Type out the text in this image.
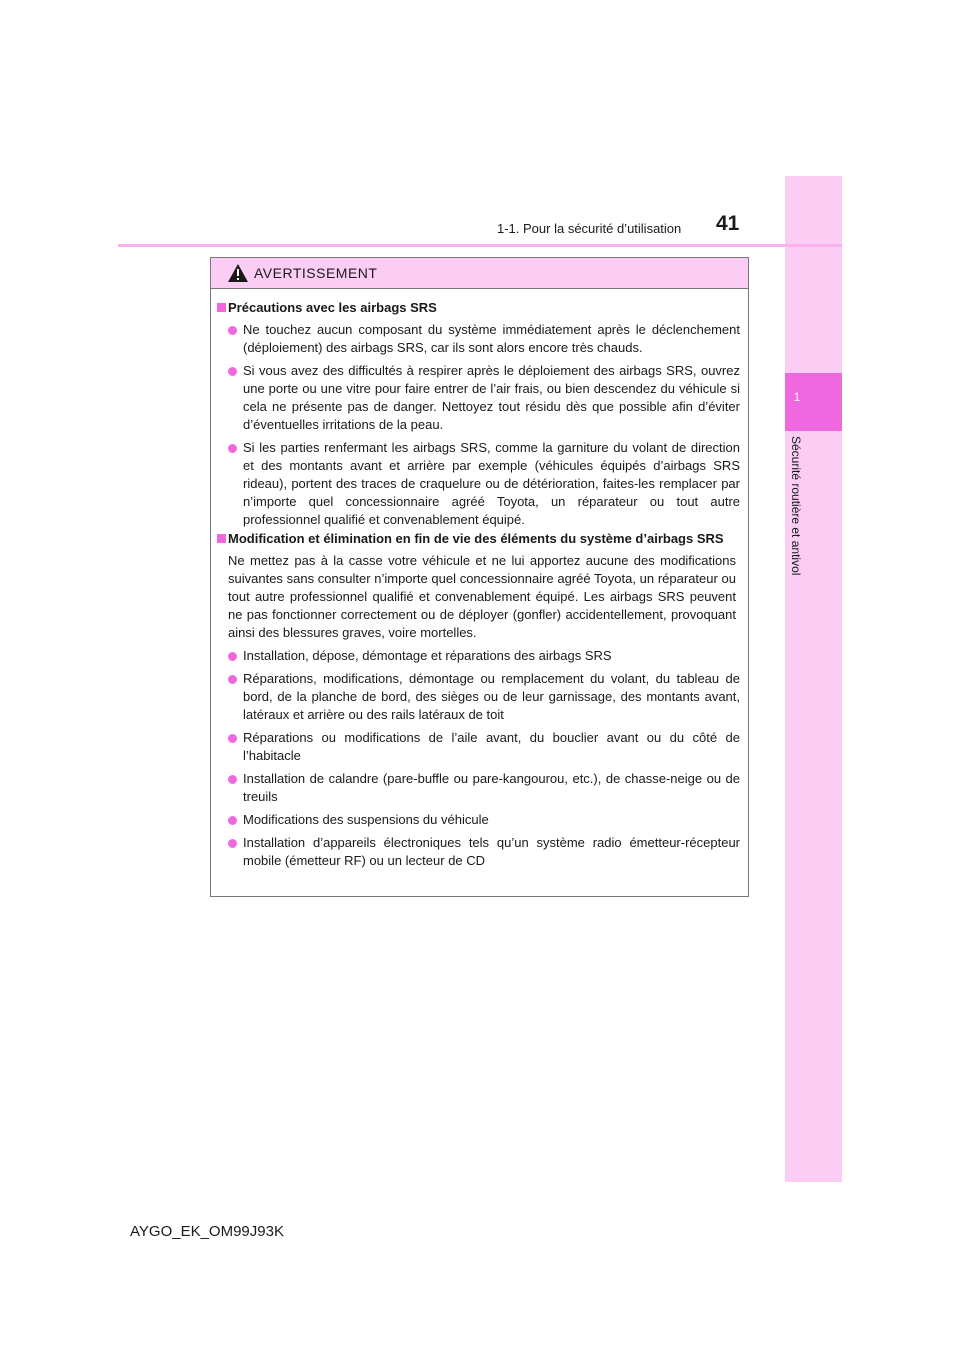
1
Sécurité routière et antivol
1-1. Pour la sécurité d’utilisation 41
AVERTISSEMENT
Précautions avec les airbags SRS
Ne touchez aucun composant du système immédiatement après le déclenchement (déploiement) des airbags SRS, car ils sont alors encore très chauds.
Si vous avez des difficultés à respirer après le déploiement des airbags SRS, ouvrez une porte ou une vitre pour faire entrer de l’air frais, ou bien descendez du véhicule si cela ne présente pas de danger. Nettoyez tout résidu dès que possible afin d’éviter d’éventuelles irritations de la peau.
Si les parties renfermant les airbags SRS, comme la garniture du volant de direction et des montants avant et arrière par exemple (véhicules équipés d’airbags SRS rideau), portent des traces de craquelure ou de détérioration, faites-les remplacer par n’importe quel concessionnaire agréé Toyota, un réparateur ou tout autre professionnel qualifié et convenablement équipé.
Modification et élimination en fin de vie des éléments du système d’airbags SRS
Ne mettez pas à la casse votre véhicule et ne lui apportez aucune des modifications suivantes sans consulter n’importe quel concessionnaire agréé Toyota, un réparateur ou tout autre professionnel qualifié et convenablement équipé. Les airbags SRS peuvent ne pas fonctionner correctement ou de déployer (gonfler) accidentellement, provoquant ainsi des blessures graves, voire mortelles.
Installation, dépose, démontage et réparations des airbags SRS
Réparations, modifications, démontage ou remplacement du volant, du tableau de bord, de la planche de bord, des sièges ou de leur garnissage, des montants avant, latéraux et arrière ou des rails latéraux de toit
Réparations ou modifications de l’aile avant, du bouclier avant ou du côté de l’habitacle
Installation de calandre (pare-buffle ou pare-kangourou, etc.), de chasse-neige ou de treuils
Modifications des suspensions du véhicule
Installation d’appareils électroniques tels qu’un système radio émetteur-récepteur mobile (émetteur RF) ou un lecteur de CD
AYGO_EK_OM99J93K
